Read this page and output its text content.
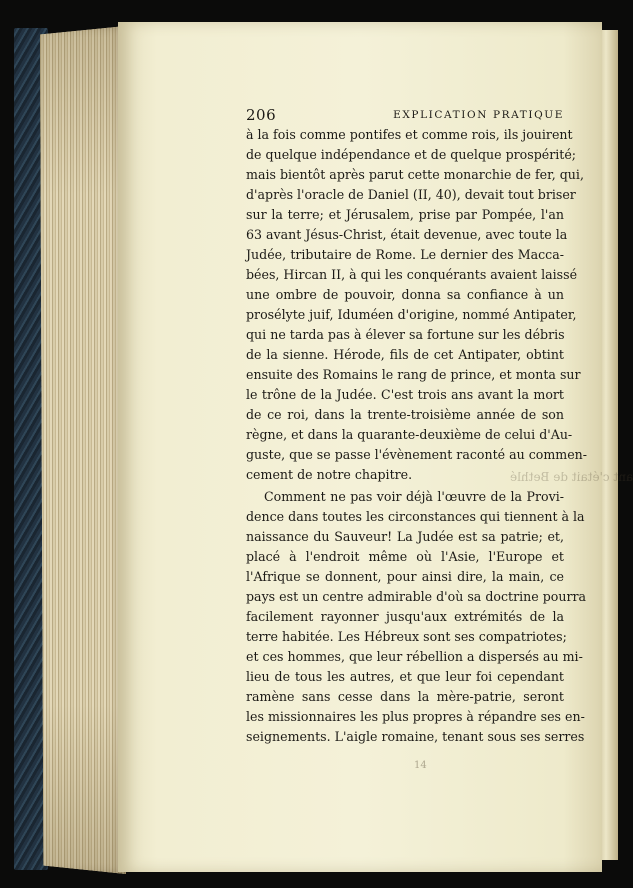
ant c'était de Bethlé
206	EXPLICATION PRATIQUE
à la fois comme pontifes et comme rois, ils jouirent
de quelque indépendance et de quelque prospérité;
mais bientôt après parut cette monarchie de fer, qui,
d'après l'oracle de Daniel (II, 40), devait tout briser
sur la terre; et Jérusalem, prise par Pompée, l'an
63 avant Jésus-Christ, était devenue, avec toute la
Judée, tributaire de Rome. Le dernier des Macca-
bées, Hircan II, à qui les conquérants avaient laissé
une ombre de pouvoir, donna sa confiance à un
prosélyte juif, Iduméen d'origine, nommé Antipater,
qui ne tarda pas à élever sa fortune sur les débris
de la sienne. Hérode, fils de cet Antipater, obtint
ensuite des Romains le rang de prince, et monta sur
le trône de la Judée. C'est trois ans avant la mort
de ce roi, dans la trente-troisième année de son
règne, et dans la quarante-deuxième de celui d'Au-
guste, que se passe l'évènement raconté au commen-
cement de notre chapitre.
Comment ne pas voir déjà l'œuvre de la Provi-
dence dans toutes les circonstances qui tiennent à la
naissance du Sauveur! La Judée est sa patrie; et,
placé à l'endroit même où l'Asie, l'Europe et
l'Afrique se donnent, pour ainsi dire, la main, ce
pays est un centre admirable d'où sa doctrine pourra
facilement rayonner jusqu'aux extrémités de la
terre habitée. Les Hébreux sont ses compatriotes;
et ces hommes, que leur rébellion a dispersés au mi-
lieu de tous les autres, et que leur foi cependant
ramène sans cesse dans la mère-patrie, seront
les missionnaires les plus propres à répandre ses en-
seignements. L'aigle romaine, tenant sous ses serres
14
